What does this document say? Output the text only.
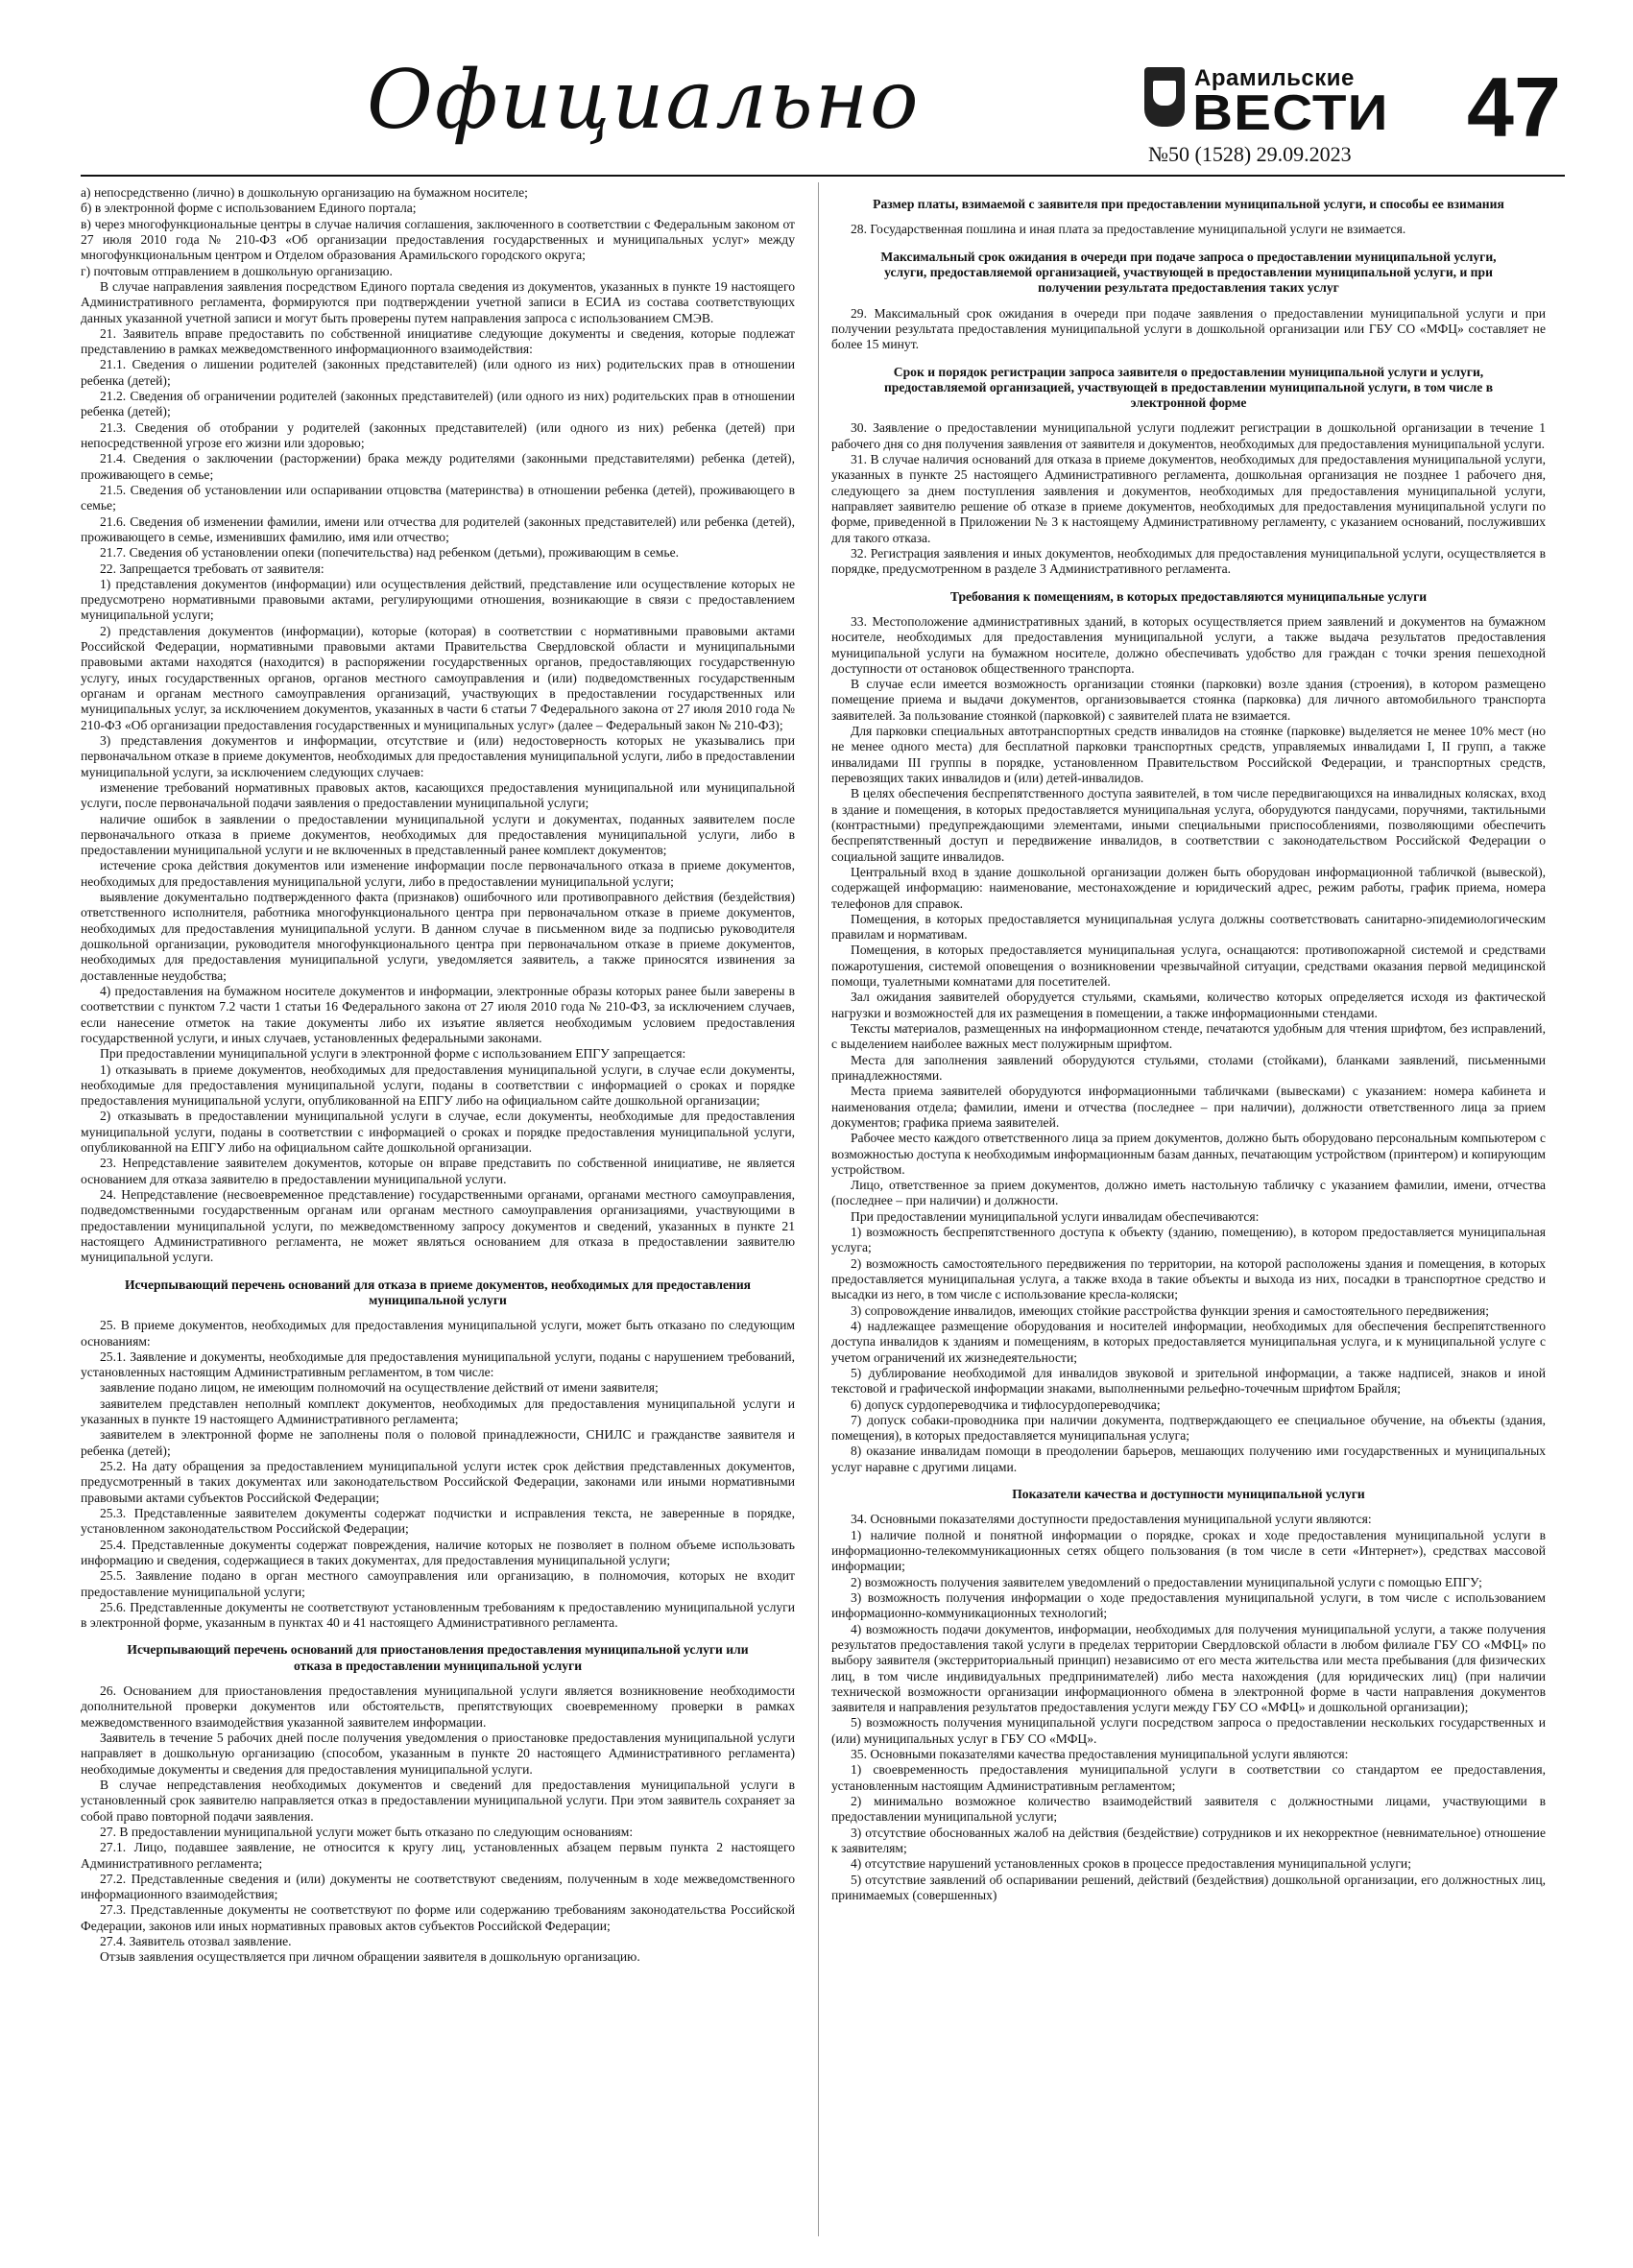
Официально	Арамильские
ВЕСТИ
№50 (1528) 29.09.2023 47

а) непосредственно (лично) в дошкольную организацию на бумажном носителе;

б) в электронной форме с использованием Единого портала;

в) через многофункциональные центры в случае наличия соглашения, заключенного в соответствии с Федеральным законом от 27 июля 2010 года № 210-ФЗ «Об организации предоставления государственных и муниципальных услуг» между многофункциональным центром и Отделом образования Арамильского городского округа;

г) почтовым отправлением в дошкольную организацию.

В случае направления заявления посредством Единого портала сведения из документов, указанных в пункте 19 настоящего Административного регламента, формируются при подтверждении учетной записи в ЕСИА из состава соответствующих данных указанной учетной записи и могут быть проверены путем направления запроса с использованием СМЭВ.

21. Заявитель вправе предоставить по собственной инициативе следующие документы и сведения, которые подлежат представлению в рамках межведомственного информационного взаимодействия:

21.1. Сведения о лишении родителей (законных представителей) (или одного из них) родительских прав в отношении ребенка (детей);

21.2. Сведения об ограничении родителей (законных представителей) (или одного из них) родительских прав в отношении ребенка (детей);

21.3. Сведения об отобрании у родителей (законных представителей) (или одного из них) ребенка (детей) при непосредственной угрозе его жизни или здоровью;

21.4. Сведения о заключении (расторжении) брака между родителями (законными представителями) ребенка (детей), проживающего в семье;

21.5. Сведения об установлении или оспаривании отцовства (материнства) в отношении ребенка (детей), проживающего в семье;

21.6. Сведения об изменении фамилии, имени или отчества для родителей (законных представителей) или ребенка (детей), проживающего в семье, изменивших фамилию, имя или отчество;

21.7. Сведения об установлении опеки (попечительства) над ребенком (детьми), проживающим в семье.

22. Запрещается требовать от заявителя:

1) представления документов (информации) или осуществления действий, представление или осуществление которых не предусмотрено нормативными правовыми актами, регулирующими отношения, возникающие в связи с предоставлением муниципальной услуги;

2) представления документов (информации), которые (которая) в соответствии с нормативными правовыми актами Российской Федерации, нормативными правовыми актами Правительства Свердловской области и муниципальными правовыми актами находятся (находится) в распоряжении государственных органов, предоставляющих государственную услугу, иных государственных органов, органов местного самоуправления и (или) подведомственных государственным органам и органам местного самоуправления организаций, участвующих в предоставлении государственных или муниципальных услуг, за исключением документов, указанных в части 6 статьи 7 Федерального закона от 27 июля 2010 года № 210-ФЗ «Об организации предоставления государственных и муниципальных услуг» (далее – Федеральный закон № 210-ФЗ);

3) представления документов и информации, отсутствие и (или) недостоверность которых не указывались при первоначальном отказе в приеме документов, необходимых для предоставления муниципальной услуги, либо в предоставлении муниципальной услуги, за исключением следующих случаев:

изменение требований нормативных правовых актов, касающихся предоставления муниципальной или муниципальной услуги, после первоначальной подачи заявления о предоставлении муниципальной услуги;

наличие ошибок в заявлении о предоставлении муниципальной услуги и документах, поданных заявителем после первоначального отказа в приеме документов, необходимых для предоставления муниципальной услуги, либо в предоставлении муниципальной услуги и не включенных в представленный ранее комплект документов;

истечение срока действия документов или изменение информации после первоначального отказа в приеме документов, необходимых для предоставления муниципальной услуги, либо в предоставлении муниципальной услуги;

выявление документально подтвержденного факта (признаков) ошибочного или противоправного действия (бездействия) ответственного исполнителя, работника многофункционального центра при первоначальном отказе в приеме документов, необходимых для предоставления муниципальной услуги. В данном случае в письменном виде за подписью руководителя дошкольной организации, руководителя многофункционального центра при первоначальном отказе в приеме документов, необходимых для предоставления муниципальной услуги, уведомляется заявитель, а также приносятся извинения за доставленные неудобства;

4) предоставления на бумажном носителе документов и информации, электронные образы которых ранее были заверены в соответствии с пунктом 7.2 части 1 статьи 16 Федерального закона от 27 июля 2010 года № 210-ФЗ, за исключением случаев, если нанесение отметок на такие документы либо их изъятие является необходимым условием предоставления государственной услуги, и иных случаев, установленных федеральными законами.

При предоставлении муниципальной услуги в электронной форме с использованием ЕПГУ запрещается:

1) отказывать в приеме документов, необходимых для предоставления муниципальной услуги, в случае если документы, необходимые для предоставления муниципальной услуги, поданы в соответствии с информацией о сроках и порядке предоставления муниципальной услуги, опубликованной на ЕПГУ либо на официальном сайте дошкольной организации;

2) отказывать в предоставлении муниципальной услуги в случае, если документы, необходимые для предоставления муниципальной услуги, поданы в соответствии с информацией о сроках и порядке предоставления муниципальной услуги, опубликованной на ЕПГУ либо на официальном сайте дошкольной организации.

23. Непредставление заявителем документов, которые он вправе представить по собственной инициативе, не является основанием для отказа заявителю в предоставлении муниципальной услуги.

24. Непредставление (несвоевременное представление) государственными органами, органами местного самоуправления, подведомственными государственным органам или органам местного самоуправления организациями, участвующими в предоставлении муниципальной услуги, по межведомственному запросу документов и сведений, указанных в пункте 21 настоящего Административного регламента, не может являться основанием для отказа в предоставлении заявителю муниципальной услуги.

Исчерпывающий перечень оснований для отказа в приеме документов, необходимых для предоставления муниципальной услуги

25. В приеме документов, необходимых для предоставления муниципальной услуги, может быть отказано по следующим основаниям:

25.1. Заявление и документы, необходимые для предоставления муниципальной услуги, поданы с нарушением требований, установленных настоящим Административным регламентом, в том числе:

заявление подано лицом, не имеющим полномочий на осуществление действий от имени заявителя;

заявителем представлен неполный комплект документов, необходимых для предоставления муниципальной услуги и указанных в пункте 19 настоящего Административного регламента;

заявителем в электронной форме не заполнены поля о половой принадлежности, СНИЛС и гражданстве заявителя и ребенка (детей);

25.2. На дату обращения за предоставлением муниципальной услуги истек срок действия представленных документов, предусмотренный в таких документах или законодательством Российской Федерации, законами или иными нормативными правовыми актами субъектов Российской Федерации;

25.3. Представленные заявителем документы содержат подчистки и исправления текста, не заверенные в порядке, установленном законодательством Российской Федерации;

25.4. Представленные документы содержат повреждения, наличие которых не позволяет в полном объеме использовать информацию и сведения, содержащиеся в таких документах, для предоставления муниципальной услуги;

25.5. Заявление подано в орган местного самоуправления или организацию, в полномочия, которых не входит предоставление муниципальной услуги;

25.6. Представленные документы не соответствуют установленным требованиям к предоставлению муниципальной услуги в электронной форме, указанным в пунктах 40 и 41 настоящего Административного регламента.

Исчерпывающий перечень оснований для приостановления предоставления муниципальной услуги или отказа в предоставлении муниципальной услуги

26. Основанием для приостановления предоставления муниципальной услуги является возникновение необходимости дополнительной проверки документов или обстоятельств, препятствующих своевременному проверки в рамках межведомственного взаимодействия указанной заявителем информации.

Заявитель в течение 5 рабочих дней после получения уведомления о приостановке предоставления муниципальной услуги направляет в дошкольную организацию (способом, указанным в пункте 20 настоящего Административного регламента) необходимые документы и сведения для предоставления муниципальной услуги.

В случае непредставления необходимых документов и сведений для предоставления муниципальной услуги в установленный срок заявителю направляется отказ в предоставлении муниципальной услуги. При этом заявитель сохраняет за собой право повторной подачи заявления.

27. В предоставлении муниципальной услуги может быть отказано по следующим основаниям:

27.1. Лицо, подавшее заявление, не относится к кругу лиц, установленных абзацем первым пункта 2 настоящего Административного регламента;

27.2. Представленные сведения и (или) документы не соответствуют сведениям, полученным в ходе межведомственного информационного взаимодействия;

27.3. Представленные документы не соответствуют по форме или содержанию требованиям законодательства Российской Федерации, законов или иных нормативных правовых актов субъектов Российской Федерации;

27.4. Заявитель отозвал заявление.

Отзыв заявления осуществляется при личном обращении заявителя в дошкольную организацию.

Размер платы, взимаемой с заявителя при предоставлении муниципальной услуги, и способы ее взимания

28. Государственная пошлина и иная плата за предоставление муниципальной услуги не взимается.

Максимальный срок ожидания в очереди при подаче запроса о предоставлении муниципальной услуги, услуги, предоставляемой организацией, участвующей в предоставлении муниципальной услуги, и при получении результата предоставления таких услуг

29. Максимальный срок ожидания в очереди при подаче заявления о предоставлении муниципальной услуги и при получении результата предоставления муниципальной услуги в дошкольной организации или ГБУ СО «МФЦ» составляет не более 15 минут.

Срок и порядок регистрации запроса заявителя о предоставлении муниципальной услуги и услуги, предоставляемой организацией, участвующей в предоставлении муниципальной услуги, в том числе в электронной форме

30. Заявление о предоставлении муниципальной услуги подлежит регистрации в дошкольной организации в течение 1 рабочего дня со дня получения заявления от заявителя и документов, необходимых для предоставления муниципальной услуги.

31. В случае наличия оснований для отказа в приеме документов, необходимых для предоставления муниципальной услуги, указанных в пункте 25 настоящего Административного регламента, дошкольная организация не позднее 1 рабочего дня, следующего за днем поступления заявления и документов, необходимых для предоставления муниципальной услуги, направляет заявителю решение об отказе в приеме документов, необходимых для предоставления муниципальной услуги по форме, приведенной в Приложении № 3 к настоящему Административному регламенту, с указанием оснований, послуживших для такого отказа.

32. Регистрация заявления и иных документов, необходимых для предоставления муниципальной услуги, осуществляется в порядке, предусмотренном в разделе 3 Административного регламента.

Требования к помещениям, в которых предоставляются муниципальные услуги

33. Местоположение административных зданий, в которых осуществляется прием заявлений и документов на бумажном носителе, необходимых для предоставления муниципальной услуги, а также выдача результатов предоставления муниципальной услуги на бумажном носителе, должно обеспечивать удобство для граждан с точки зрения пешеходной доступности от остановок общественного транспорта.

В случае если имеется возможность организации стоянки (парковки) возле здания (строения), в котором размещено помещение приема и выдачи документов, организовывается стоянка (парковка) для личного автомобильного транспорта заявителей. За пользование стоянкой (парковкой) с заявителей плата не взимается.

Для парковки специальных автотранспортных средств инвалидов на стоянке (парковке) выделяется не менее 10% мест (но не менее одного места) для бесплатной парковки транспортных средств, управляемых инвалидами I, II групп, а также инвалидами III группы в порядке, установленном Правительством Российской Федерации, и транспортных средств, перевозящих таких инвалидов и (или) детей-инвалидов.

В целях обеспечения беспрепятственного доступа заявителей, в том числе передвигающихся на инвалидных колясках, вход в здание и помещения, в которых предоставляется муниципальная услуга, оборудуются пандусами, поручнями, тактильными (контрастными) предупреждающими элементами, иными специальными приспособлениями, позволяющими обеспечить беспрепятственный доступ и передвижение инвалидов, в соответствии с законодательством Российской Федерации о социальной защите инвалидов.

Центральный вход в здание дошкольной организации должен быть оборудован информационной табличкой (вывеской), содержащей информацию: наименование, местонахождение и юридический адрес, режим работы, график приема, номера телефонов для справок.

Помещения, в которых предоставляется муниципальная услуга должны соответствовать санитарно-эпидемиологическим правилам и нормативам.

Помещения, в которых предоставляется муниципальная услуга, оснащаются: противопожарной системой и средствами пожаротушения, системой оповещения о возникновении чрезвычайной ситуации, средствами оказания первой медицинской помощи, туалетными комнатами для посетителей.

Зал ожидания заявителей оборудуется стульями, скамьями, количество которых определяется исходя из фактической нагрузки и возможностей для их размещения в помещении, а также информационными стендами.

Тексты материалов, размещенных на информационном стенде, печатаются удобным для чтения шрифтом, без исправлений, с выделением наиболее важных мест полужирным шрифтом.

Места для заполнения заявлений оборудуются стульями, столами (стойками), бланками заявлений, письменными принадлежностями.

Места приема заявителей оборудуются информационными табличками (вывесками) с указанием: номера кабинета и наименования отдела; фамилии, имени и отчества (последнее – при наличии), должности ответственного лица за прием документов; графика приема заявителей.

Рабочее место каждого ответственного лица за прием документов, должно быть оборудовано персональным компьютером с возможностью доступа к необходимым информационным базам данных, печатающим устройством (принтером) и копирующим устройством.

Лицо, ответственное за прием документов, должно иметь настольную табличку с указанием фамилии, имени, отчества (последнее – при наличии) и должности.

При предоставлении муниципальной услуги инвалидам обеспечиваются:

1) возможность беспрепятственного доступа к объекту (зданию, помещению), в котором предоставляется муниципальная услуга;

2) возможность самостоятельного передвижения по территории, на которой расположены здания и помещения, в которых предоставляется муниципальная услуга, а также входа в такие объекты и выхода из них, посадки в транспортное средство и высадки из него, в том числе с использование кресла-коляски;

3) сопровождение инвалидов, имеющих стойкие расстройства функции зрения и самостоятельного передвижения;

4) надлежащее размещение оборудования и носителей информации, необходимых для обеспечения беспрепятственного доступа инвалидов к зданиям и помещениям, в которых предоставляется муниципальная услуга, и к муниципальной услуге с учетом ограничений их жизнедеятельности;

5) дублирование необходимой для инвалидов звуковой и зрительной информации, а также надписей, знаков и иной текстовой и графической информации знаками, выполненными рельефно-точечным шрифтом Брайля;

6) допуск сурдопереводчика и тифлосурдопереводчика;

7) допуск собаки-проводника при наличии документа, подтверждающего ее специальное обучение, на объекты (здания, помещения), в которых предоставляется муниципальная услуга;

8) оказание инвалидам помощи в преодолении барьеров, мешающих получению ими государственных и муниципальных услуг наравне с другими лицами.

Показатели качества и доступности муниципальной услуги

34. Основными показателями доступности предоставления муниципальной услуги являются:

1) наличие полной и понятной информации о порядке, сроках и ходе предоставления муниципальной услуги в информационно-телекоммуникационных сетях общего пользования (в том числе в сети «Интернет»), средствах массовой информации;

2) возможность получения заявителем уведомлений о предоставлении муниципальной услуги с помощью ЕПГУ;

3) возможность получения информации о ходе предоставления муниципальной услуги, в том числе с использованием информационно-коммуникационных технологий;

4) возможность подачи документов, информации, необходимых для получения муниципальной услуги, а также получения результатов предоставления такой услуги в пределах территории Свердловской области в любом филиале ГБУ СО «МФЦ» по выбору заявителя (экстерриториальный принцип) независимо от его места жительства или места пребывания (для физических лиц, в том числе индивидуальных предпринимателей) либо места нахождения (для юридических лиц) (при наличии технической возможности организации информационного обмена в электронной форме в части направления документов заявителя и направления результатов предоставления услуги между ГБУ СО «МФЦ» и дошкольной организации);

5) возможность получения муниципальной услуги посредством запроса о предоставлении нескольких государственных и (или) муниципальных услуг в ГБУ СО «МФЦ».

35. Основными показателями качества предоставления муниципальной услуги являются:

1) своевременность предоставления муниципальной услуги в соответствии со стандартом ее предоставления, установленным настоящим Административным регламентом;

2) минимально возможное количество взаимодействий заявителя с должностными лицами, участвующими в предоставлении муниципальной услуги;

3) отсутствие обоснованных жалоб на действия (бездействие) сотрудников и их некорректное (невнимательное) отношение к заявителям;

4) отсутствие нарушений установленных сроков в процессе предоставления муниципальной услуги;

5) отсутствие заявлений об оспаривании решений, действий (бездействия) дошкольной организации, его должностных лиц, принимаемых (совершенных)
